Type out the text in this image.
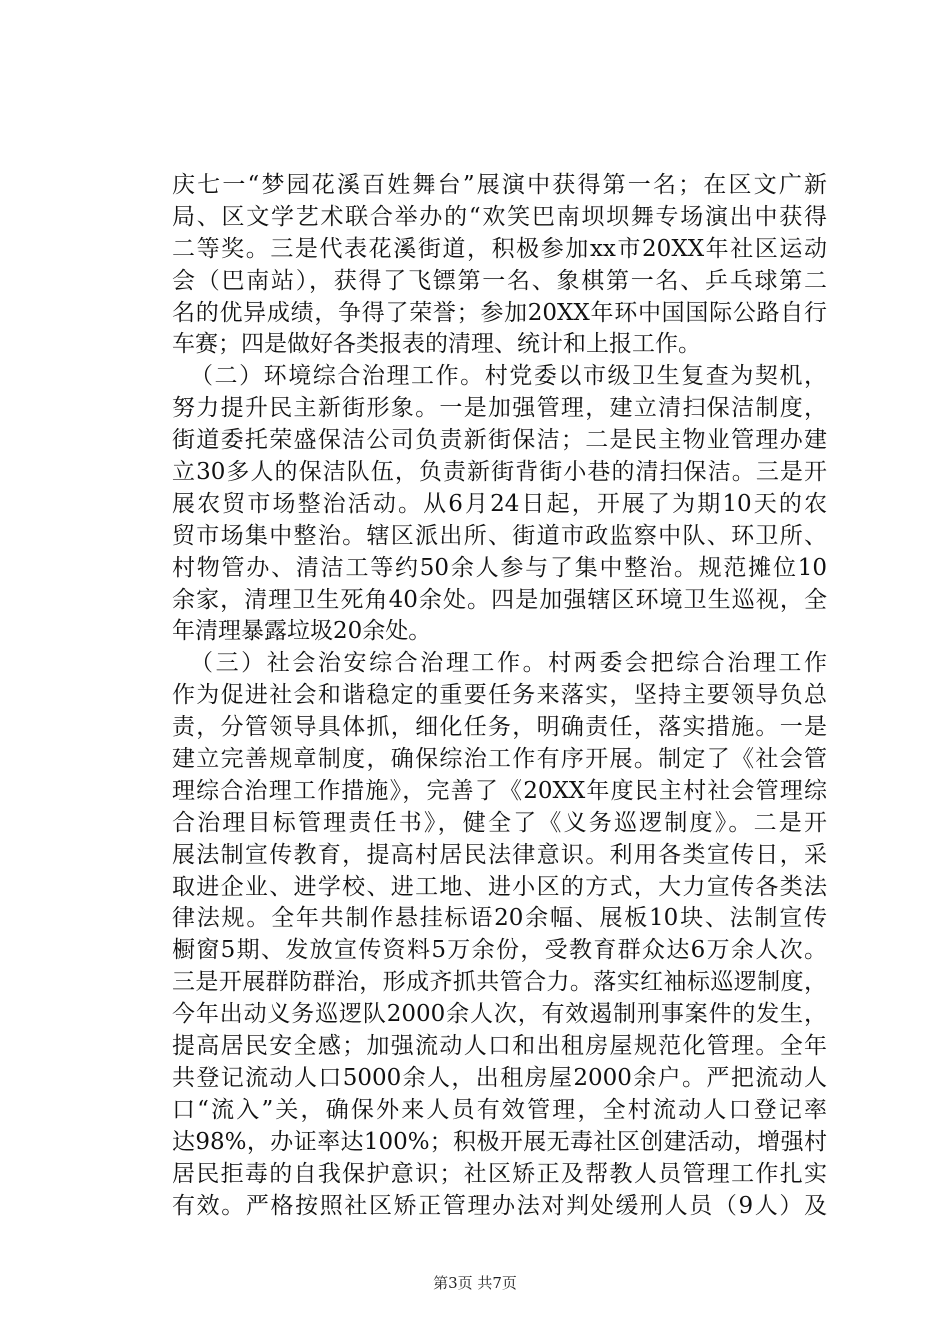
庆七一“梦园花溪百姓舞台”展演中获得第一名；在区文广新
局、区文学艺术联合举办的“欢笑巴南坝坝舞专场演出中获得
二等奖。三是代表花溪街道，积极参加xx市20XX年社区运动
会（巴南站），获得了飞镖第一名、象棋第一名、乒乓球第二
名的优异成绩，争得了荣誉；参加20XX年环中国国际公路自行
车赛；四是做好各类报表的清理、统计和上报工作。
（二）环境综合治理工作。村党委以市级卫生复查为契机，
努力提升民主新街形象。一是加强管理，建立清扫保洁制度，
街道委托荣盛保洁公司负责新街保洁；二是民主物业管理办建
立30多人的保洁队伍，负责新街背街小巷的清扫保洁。三是开
展农贸市场整治活动。从6月24日起，开展了为期10天的农
贸市场集中整治。辖区派出所、街道市政监察中队、环卫所、
村物管办、清洁工等约50余人参与了集中整治。规范摊位10
余家，清理卫生死角40余处。四是加强辖区环境卫生巡视，全
年清理暴露垃圾20余处。
（三）社会治安综合治理工作。村两委会把综合治理工作
作为促进社会和谐稳定的重要任务来落实，坚持主要领导负总
责，分管领导具体抓，细化任务，明确责任，落实措施。一是
建立完善规章制度，确保综治工作有序开展。制定了《社会管
理综合治理工作措施》，完善了《20XX年度民主村社会管理综
合治理目标管理责任书》，健全了《义务巡逻制度》。二是开
展法制宣传教育，提高村居民法律意识。利用各类宣传日，采
取进企业、进学校、进工地、进小区的方式，大力宣传各类法
律法规。全年共制作悬挂标语20余幅、展板10块、法制宣传
橱窗5期、发放宣传资料5万余份，受教育群众达6万余人次。
三是开展群防群治，形成齐抓共管合力。落实红袖标巡逻制度，
今年出动义务巡逻队2000余人次，有效遏制刑事案件的发生，
提高居民安全感；加强流动人口和出租房屋规范化管理。全年
共登记流动人口5000余人，出租房屋2000余户。严把流动人
口“流入”关，确保外来人员有效管理，全村流动人口登记率
达98%，办证率达100%；积极开展无毒社区创建活动，增强村
居民拒毒的自我保护意识；社区矫正及帮教人员管理工作扎实
有效。严格按照社区矫正管理办法对判处缓刑人员（9人）及
第3页 共7页
